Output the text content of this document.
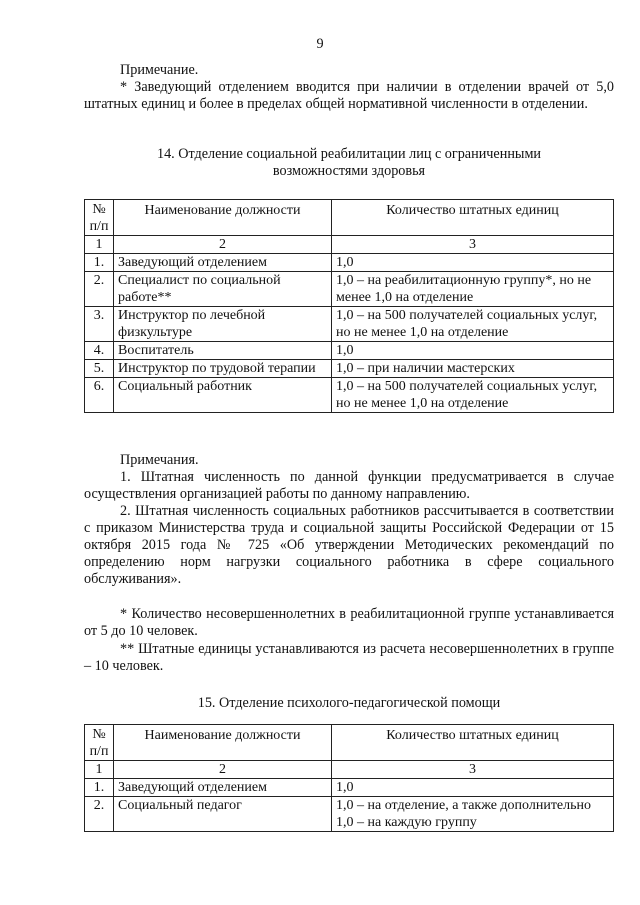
9
Примечание.
* Заведующий отделением вводится при наличии в отделении врачей от 5,0 штатных единиц и более в пределах общей нормативной численности в отделении.
14. Отделение социальной реабилитации лиц с ограниченными
возможностями здоровья
№ п/п	Наименование должности	Количество штатных единиц
1	2	3
1.	Заведующий отделением	1,0
2.	Специалист по социальной работе**	1,0 – на реабилитационную группу*, но не менее 1,0 на отделение
3.	Инструктор по лечебной физкультуре	1,0 – на 500 получателей социальных услуг, но не менее 1,0 на отделение
4.	Воспитатель	1,0
5.	Инструктор по трудовой терапии	1,0 – при наличии мастерских
6.	Социальный работник	1,0 – на 500 получателей социальных услуг, но не менее 1,0 на отделение
Примечания.
1. Штатная численность по данной функции предусматривается в случае осуществления организацией работы по данному направлению.
2. Штатная численность социальных работников рассчитывается в соответствии с приказом Министерства труда и социальной защиты Российской Федерации от 15 октября 2015 года № 725 «Об утверждении Методических рекомендаций по определению норм нагрузки социального работника в сфере социального обслуживания».
* Количество несовершеннолетних в реабилитационной группе устанавливается от 5 до 10 человек.
** Штатные единицы устанавливаются из расчета несовершеннолетних в группе – 10 человек.
15. Отделение психолого-педагогической помощи
№ п/п	Наименование должности	Количество штатных единиц
1	2	3
1.	Заведующий отделением	1,0
2.	Социальный педагог	1,0 – на отделение, а также дополнительно 1,0 – на каждую группу
